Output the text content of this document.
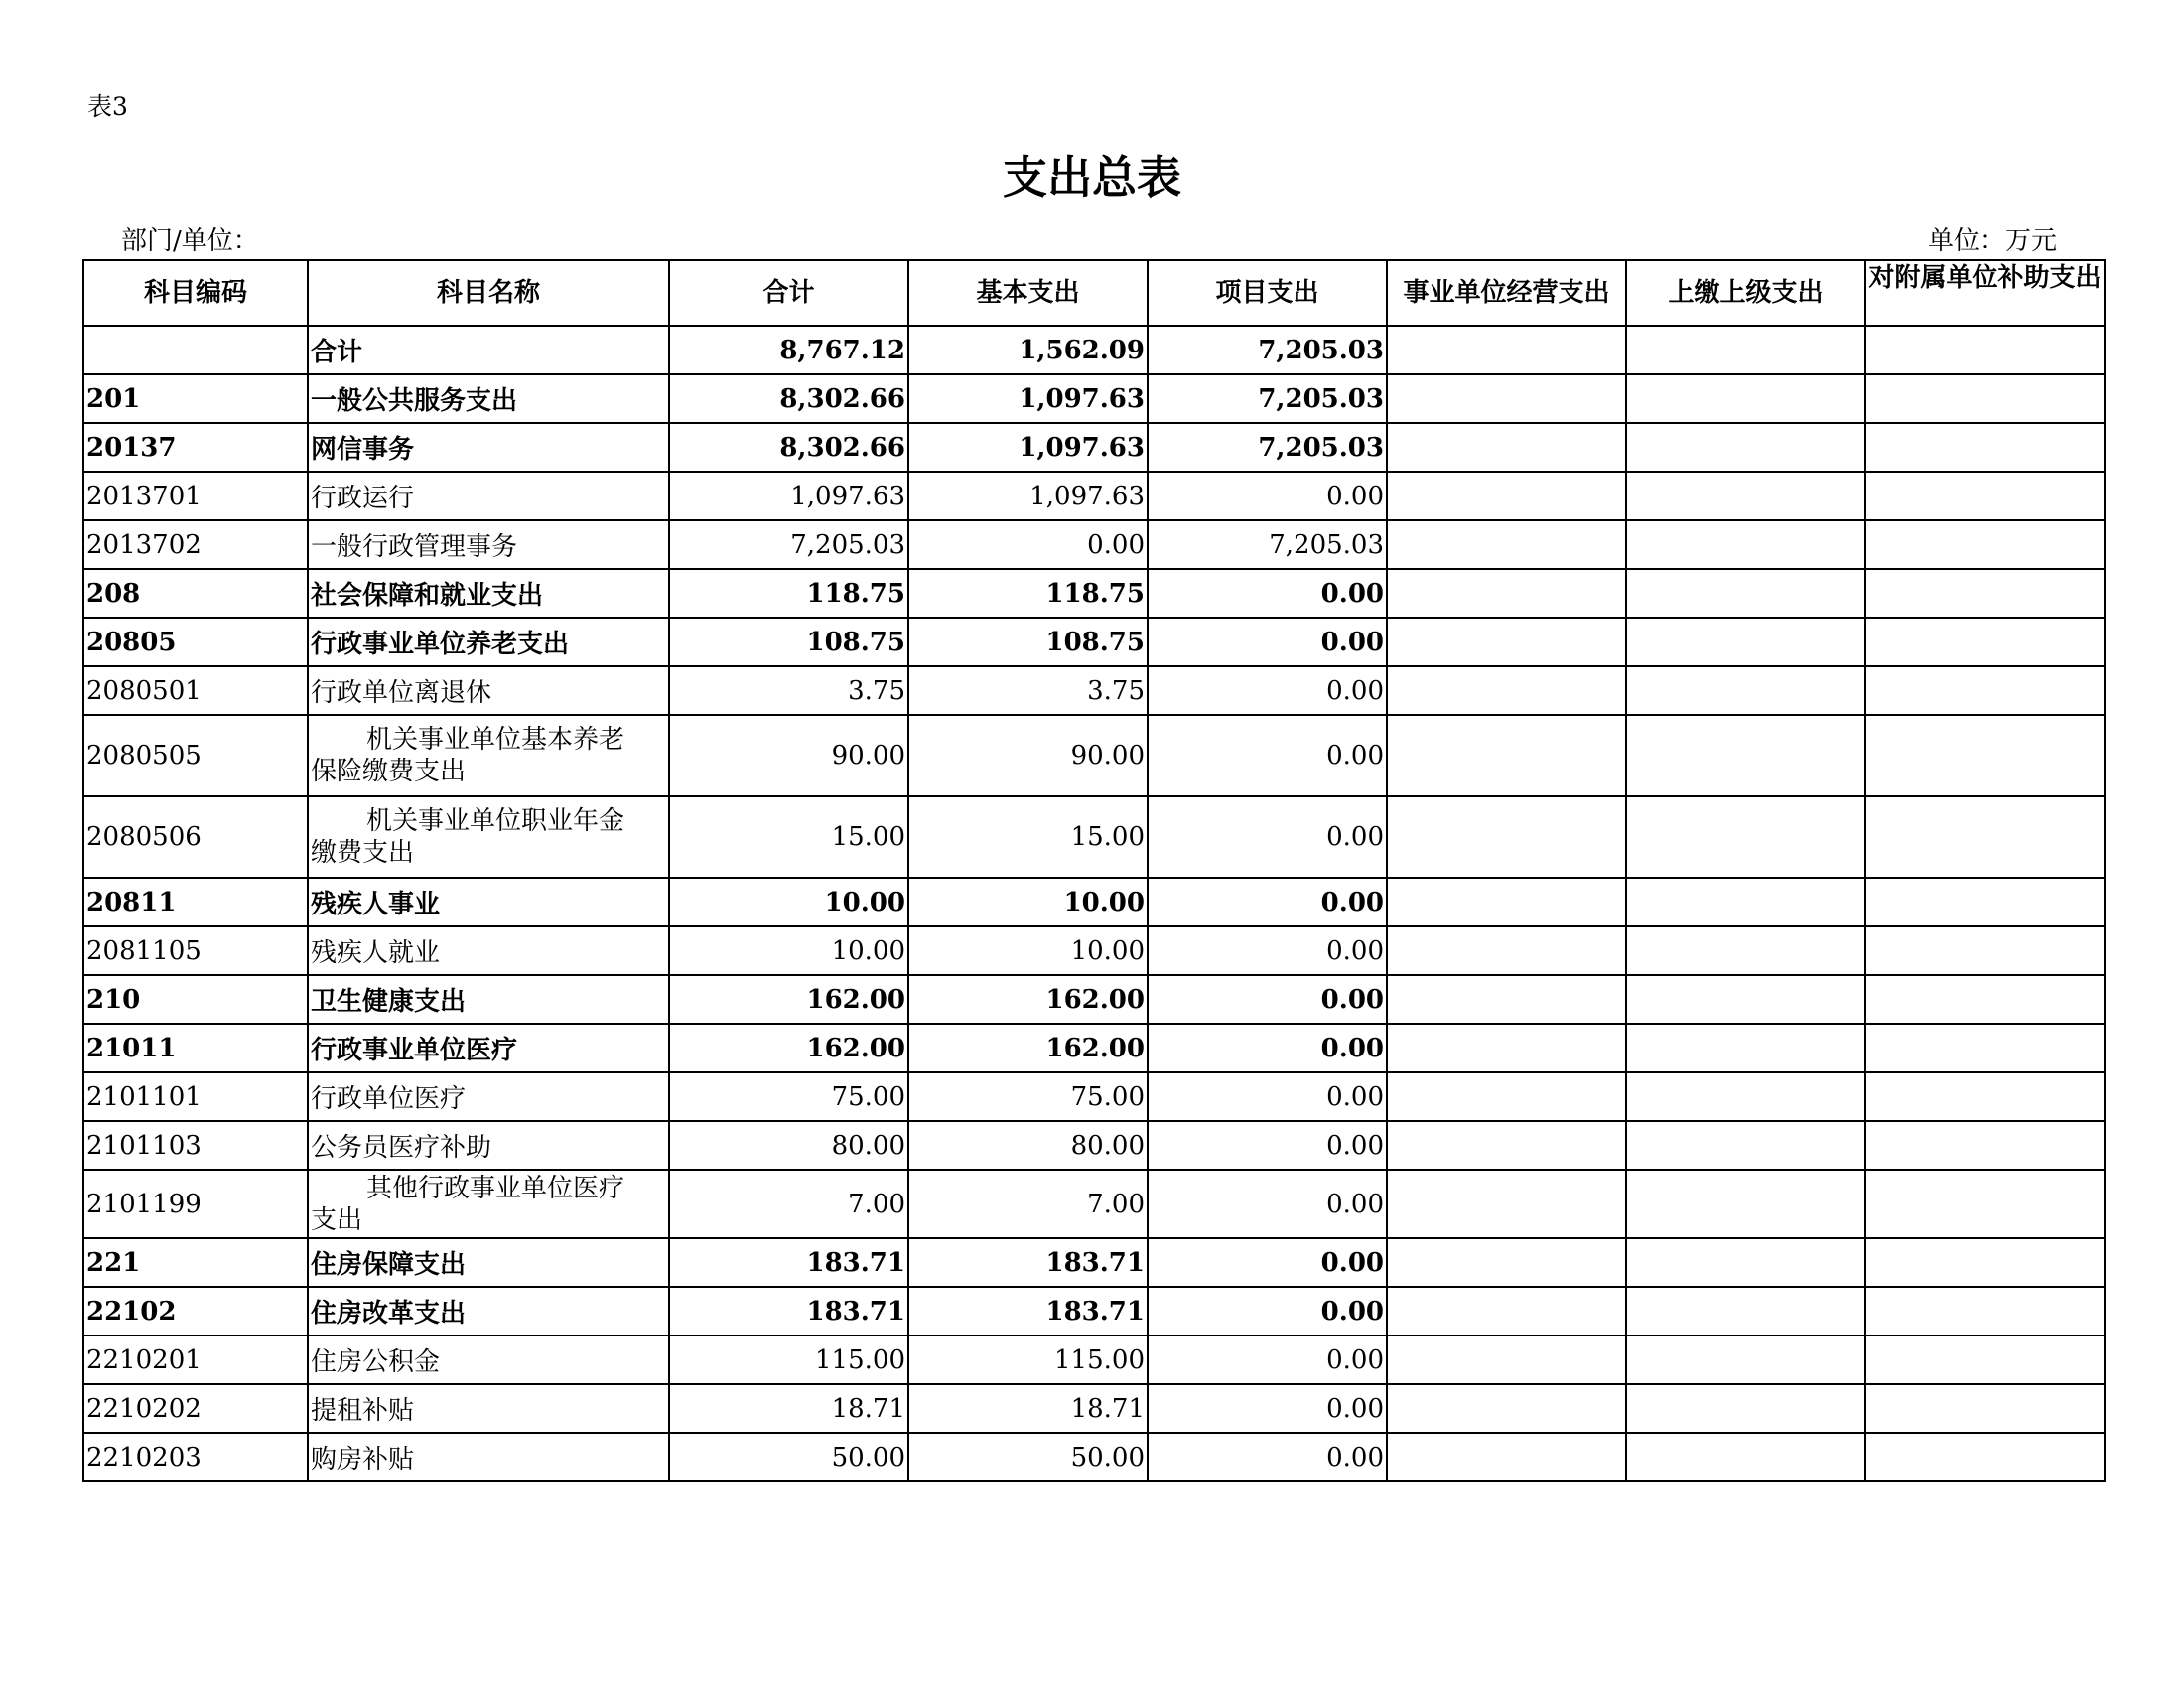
表3
支出总表
部门/单位：	单位：万元
科目编码	科目名称	合计	基本支出	项目支出	事业单位经营支出	上缴上级支出	对附属单位补助支出

	合计	8,767.12	1,562.09	7,205.03			
201	一般公共服务支出	8,302.66	1,097.63	7,205.03			
20137	网信事务	8,302.66	1,097.63	7,205.03			
2013701	行政运行	1,097.63	1,097.63	0.00			
2013702	一般行政管理事务	7,205.03	0.00	7,205.03			
208	社会保障和就业支出	118.75	118.75	0.00			
20805	行政事业单位养老支出	108.75	108.75	0.00			
2080501	行政单位离退休	3.75	3.75	0.00			
2080505	机关事业单位基本养老
保险缴费支出	90.00	90.00	0.00			
2080506	机关事业单位职业年金
缴费支出	15.00	15.00	0.00			
20811	残疾人事业	10.00	10.00	0.00			
2081105	残疾人就业	10.00	10.00	0.00			
210	卫生健康支出	162.00	162.00	0.00			
21011	行政事业单位医疗	162.00	162.00	0.00			
2101101	行政单位医疗	75.00	75.00	0.00			
2101103	公务员医疗补助	80.00	80.00	0.00			
2101199	其他行政事业单位医疗
支出	7.00	7.00	0.00			
221	住房保障支出	183.71	183.71	0.00			
22102	住房改革支出	183.71	183.71	0.00			
2210201	住房公积金	115.00	115.00	0.00			
2210202	提租补贴	18.71	18.71	0.00			
2210203	购房补贴	50.00	50.00	0.00			
